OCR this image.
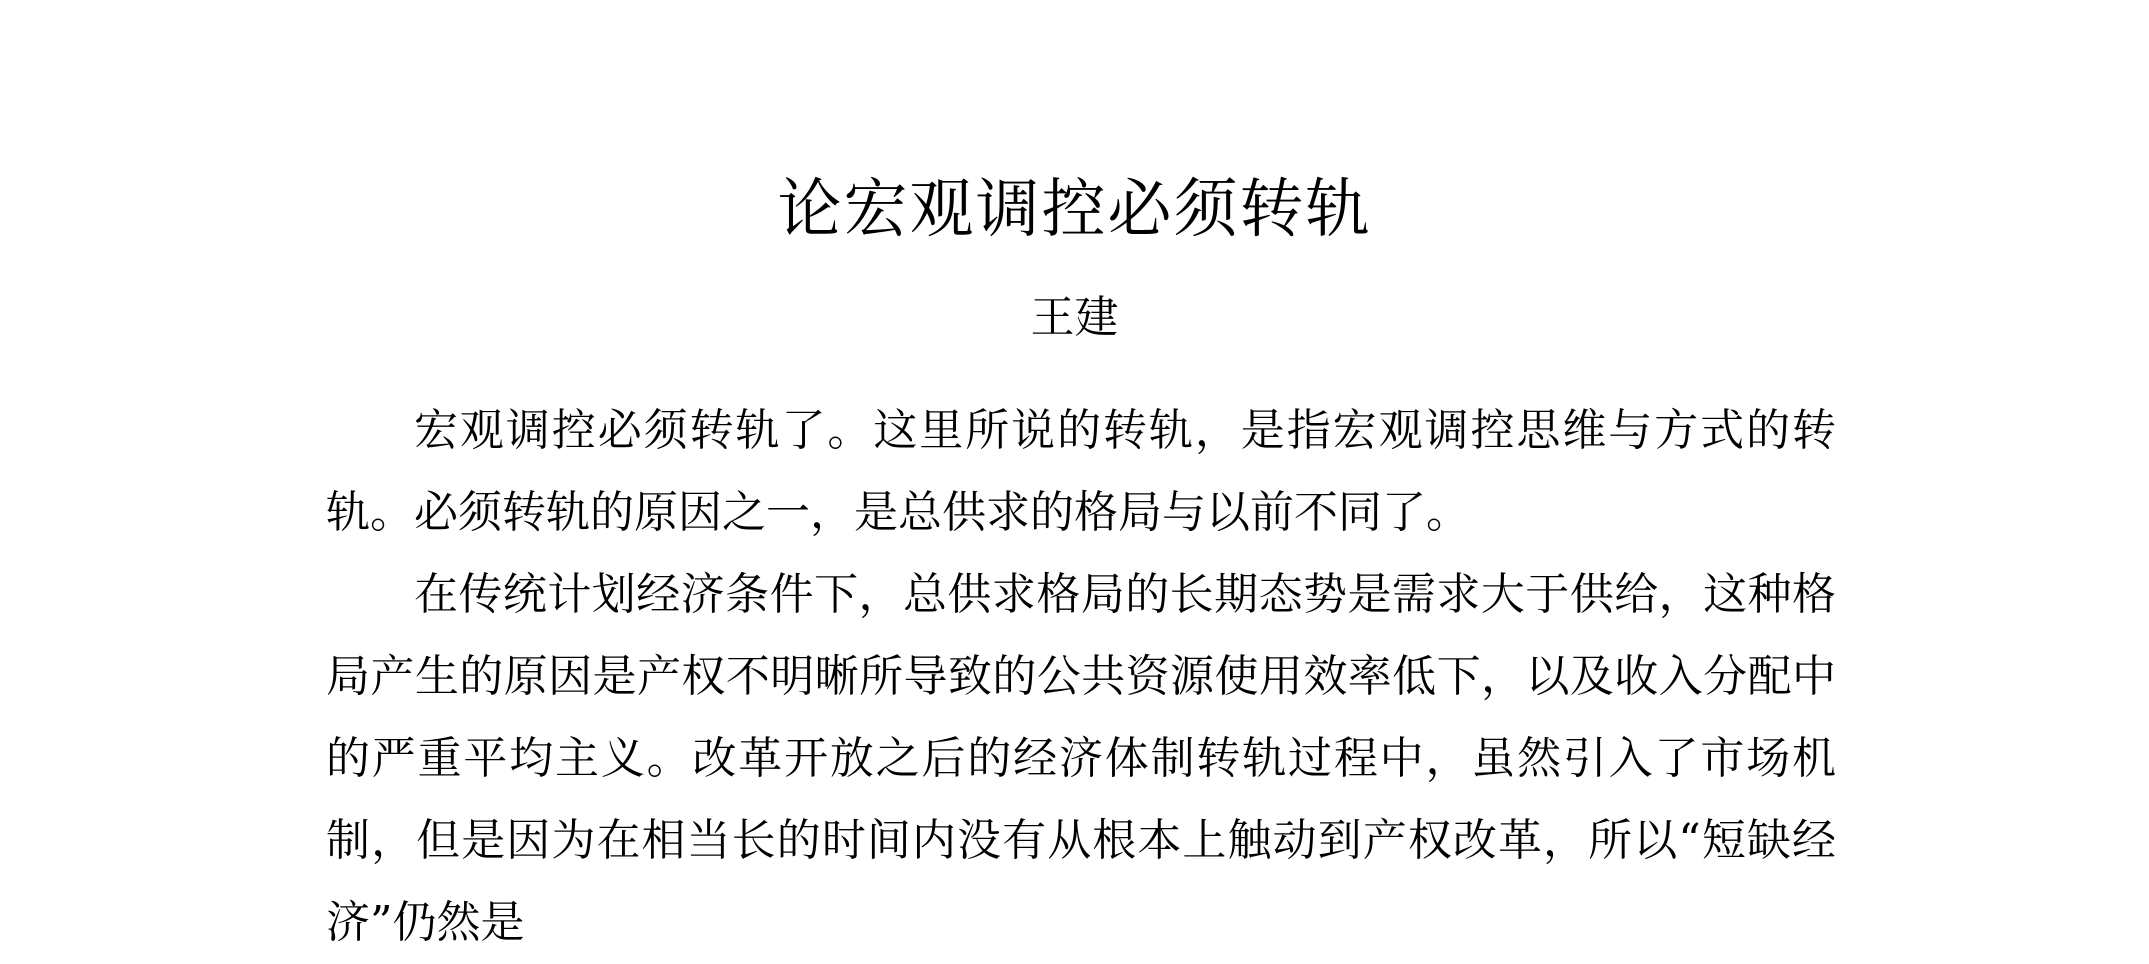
论宏观调控必须转轨
王建

宏观调控必须转轨了。这里所说的转轨，是指宏观调控思维与方式的转轨。 必须转轨的原因之一，是总供求的格局与以前不同了。

在传统计划经济条件下，总供求格局的长期态势是需求大于供给，这种格局产生的原因是产权不明晰所导致的公共资源使用效率低下，以及收入分配中的严重平均主义。改革开放之后的经济体制转轨过程中，虽然引入了市场机制，但是因为在相当长的时间内没有从根本上触动到产权改革，所以“短缺经济”仍然是
